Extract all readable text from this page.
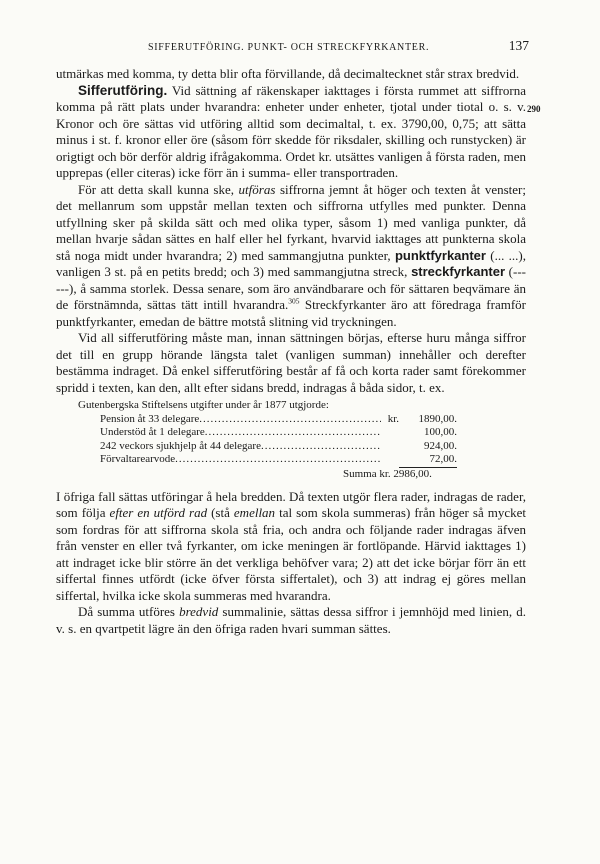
SIFFERUTFÖRING. PUNKT- OCH STRECKFYRKANTER.	137

utmärkas med komma, ty detta blir ofta förvillande, då decimaltecknet står strax bredvid.

Sifferutföring. Vid sättning af räkenskaper iakttages i första rummet att siffrorna komma på rätt plats under hvarandra: enheter under enheter, tjotal under tiotal o. s. v. Kronor och öre sättas vid utföring alltid som decimaltal, t. ex. 3790,00, 0,75; att sätta minus i st. f. kronor eller öre (såsom förr skedde för riksdaler, skilling och runstycken) är origtigt och bör derför aldrig ifrågakomma. Ordet kr. utsättes vanligen å första raden, men upprepas (eller citeras) icke förr än i summa- eller transportraden.

För att detta skall kunna ske, utföras siffrorna jemnt åt höger och texten åt venster; det mellanrum som uppstår mellan texten och siffrorna utfylles med punkter. Denna utfyllning sker på skilda sätt och med olika typer, såsom 1) med vanliga punkter, då mellan hvarje sådan sättes en half eller hel fyrkant, hvarvid iakttages att punkterna skola stå noga midt under hvarandra; 2) med sammangjutna punkter, punktfyrkanter (... ...), vanligen 3 st. på en petits bredd; och 3) med sammangjutna streck, streckfyrkanter (--- ---), å samma storlek. Dessa senare, som äro användbarare och för sättaren beqvämare än de förstnämnda, sättas tätt intill hvarandra.$^{305}$ Streckfyrkanter äro att föredraga framför punktfyrkanter, emedan de bättre motstå slitning vid tryckningen.

Vid all sifferutföring måste man, innan sättningen börjas, efterse huru många siffror det till en grupp hörande längsta talet (vanligen summan) innehåller och derefter bestämma indraget. Då enkel sifferutföring består af få och korta rader samt förekommer spridd i texten, kan den, allt efter sidans bredd, indragas å båda sidor, t. ex.

Gutenbergska Stiftelsens utgifter under år 1877 utgjorde:
Pension åt 33 delegare .....	kr.	1890,00.
Understöd åt 1 delegare .....	100,00.
242 veckors sjukhjelp åt 44 delegare .....	924,00.
Förvaltarearvode .....	72,00.
Summa kr. 2986,00.

I öfriga fall sättas utföringar å hela bredden. Då texten utgör flera rader, indragas de rader, som följa efter en utförd rad (stå emellan tal som skola summeras) från höger så mycket som fordras för att siffrorna skola stå fria, och andra och följande rader indragas äfven från venster en eller två fyrkanter, om icke meningen är fortlöpande. Härvid iakttages 1) att indraget icke blir större än det verkliga behöfver vara; 2) att det icke börjar förr än ett siffertal finnes utfördt (icke öfver första siffertalet), och 3) att indrag ej göres mellan siffertal, hvilka icke skola summeras med hvarandra.

Då summa utföres bredvid summalinie, sättas dessa siffror i jemnhöjd med linien, d. v. s. en qvartpetit lägre än den öfriga raden hvari summan sättes.

290
